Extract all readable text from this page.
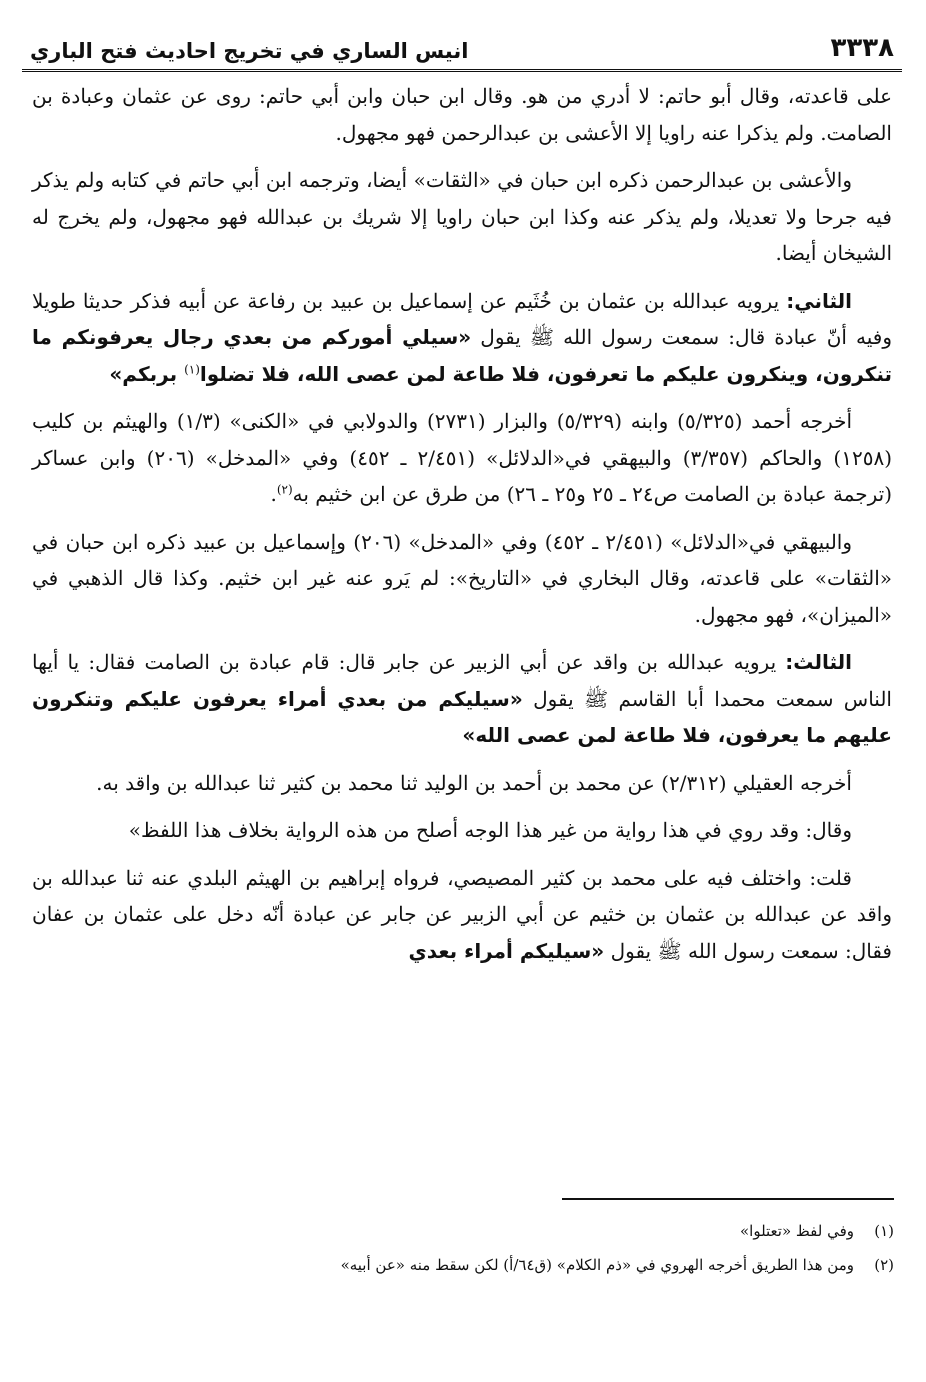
٣٣٣٨
انيس الساري في تخريج احاديث فتح الباري

على قاعدته، وقال أبو حاتم: لا أدري من هو. وقال ابن حبان وابن أبي حاتم: روى عن عثمان وعبادة بن الصامت. ولم يذكرا عنه راويا إلا الأعشى بن عبدالرحمن فهو مجهول.

والأعشى بن عبدالرحمن ذكره ابن حبان في «الثقات» أيضا، وترجمه ابن أبي حاتم في كتابه ولم يذكر فيه جرحا ولا تعديلا، ولم يذكر عنه وكذا ابن حبان راويا إلا شريك بن عبدالله فهو مجهول، ولم يخرج له الشيخان أيضا.

الثاني: يرويه عبدالله بن عثمان بن خُثَيم عن إسماعيل بن عبيد بن رفاعة عن أبيه فذكر حديثا طويلا وفيه أنّ عبادة قال: سمعت رسول الله ﷺ يقول «سيلي أموركم من بعدي رجال يعرفونكم ما تنكرون، وينكرون عليكم ما تعرفون، فلا طاعة لمن عصى الله، فلا تضلوا$^{(١)}$ بربكم»

أخرجه أحمد (٥/٣٢٥) وابنه (٥/٣٢٩) والبزار (٢٧٣١) والدولابي في «الكنى» (١/٣) والهيثم بن كليب (١٢٥٨) والحاكم (٣/٣٥٧) والبيهقي في«الدلائل» (٢/٤٥١ ـ ٤٥٢) وفي «المدخل» (٢٠٦) وابن عساكر (ترجمة عبادة بن الصامت ص٢٤ ـ ٢٥ و٢٥ ـ ٢٦) من طرق عن ابن خثيم به$^{(٢)}$.

والبيهقي في«الدلائل» (٢/٤٥١ ـ ٤٥٢) وفي «المدخل» (٢٠٦) وإسماعيل بن عبيد ذكره ابن حبان في «الثقات» على قاعدته، وقال البخاري في «التاريخ»: لم يَرو عنه غير ابن خثيم. وكذا قال الذهبي في «الميزان»، فهو مجهول.

الثالث: يرويه عبدالله بن واقد عن أبي الزبير عن جابر قال: قام عبادة بن الصامت فقال: يا أيها الناس سمعت محمدا أبا القاسم ﷺ يقول «سيليكم من بعدي أمراء يعرفون عليكم وتنكرون عليهم ما يعرفون، فلا طاعة لمن عصى الله»

أخرجه العقيلي (٢/٣١٢) عن محمد بن أحمد بن الوليد ثنا محمد بن كثير ثنا عبدالله بن واقد به.

وقال: وقد روي في هذا رواية من غير هذا الوجه أصلح من هذه الرواية بخلاف هذا اللفظ»

قلت: واختلف فيه على محمد بن كثير المصيصي، فرواه إبراهيم بن الهيثم البلدي عنه ثنا عبدالله بن واقد عن عبدالله بن عثمان بن خثيم عن أبي الزبير عن جابر عن عبادة أنّه دخل على عثمان بن عفان فقال: سمعت رسول الله ﷺ يقول «سيليكم أمراء بعدي

(١)وفي لفظ «تعتلوا»
(٢)ومن هذا الطريق أخرجه الهروي في «ذم الكلام» (ق٦٤/أ) لكن سقط منه «عن أبيه»
